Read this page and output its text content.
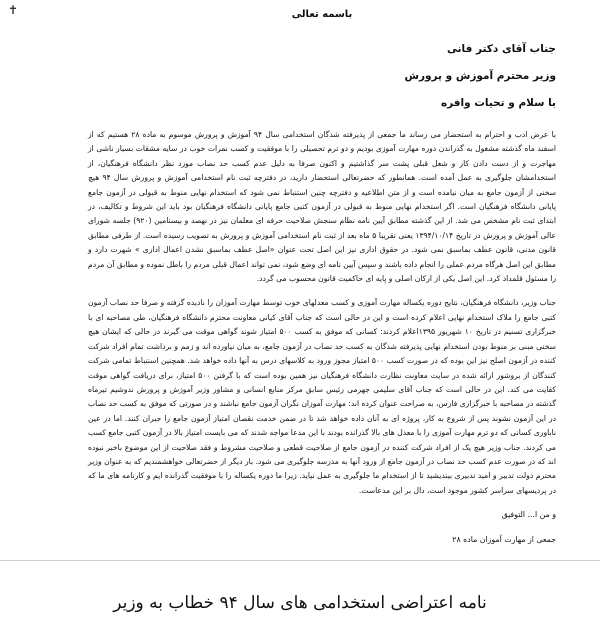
✝	باسمه تعالی

جناب آقای دکتر فانی

وزیر محترم آموزش و پرورش

با سلام و تحیات وافره

با عرض ادب و احترام به استحضار می رساند ما جمعی از پذیرفته شدگان استخدامی سال ۹۴ آموزش و پرورش موسوم به ماده ۲۸ هستیم که از اسفند ماه گذشته مشغول به گذراندن دوره مهارت آموزی بودیم و دو ترم تحصیلی را با موفقیت و کسب نمرات خوب در سایه مشقات بسیار ناشی از مهاجرت و از دست دادن کار و شغل قبلی پشت سر گذاشتیم و اکنون صرفا به دلیل عدم کسب حد نصاب مورد نظر دانشگاه فرهنگیان، از استخدامشان جلوگیری به عمل آمده است. همانطور که حضرتعالی استحضار دارید، در دفترچه ثبت نام استخدامی آموزش و پرورش سال ۹۴ هیچ سخنی از آزمون جامع به میان نیامده است و از متن اطلاعیه و دفترچه چنین استنباط نمی شود که استخدام نهایی منوط به قبولی در آزمون جامع پایانی دانشگاه فرهنگیان است. اگر استخدام نهایی منوط به قبولی در آزمون کتبی جامع پایانی دانشگاه فرهنگیان بود باید این شروط و تکالیف، در ابتدای ثبت نام مشخص می شد. از این گذشته مطابق آیین نامه نظام سنجش صلاحیت حرفه ای معلمان نیز در نهصد و بیستامین (۹۲۰) جلسه شورای عالی آموزش و پرورش در تاریخ ۱۳۹۴/۱۰/۱۴ یعنی تقریبا ۵ ماه بعد از ثبت نام استخدامی آموزش و پرورش به تصویب رسیده است. از طرفی مطابق قانون مدنی، قانون عطف بماسبق نمی شود. در حقوق اداری نیز این اصل تحت عنوان «اصل عطف بماسبق نشدن اعمال اداری » شهرت دارد و مطابق این اصل هرگاه مردم عملی را انجام داده باشند و سپس آیین نامه ای وضع شود، نمی تواند اعمال قبلی مردم را باطل نموده و مطابق آن مردم را مسئول قلمداد کرد. این اصل یکی از ارکان اصلی و پایه ای حاکمیت قانون محسوب می گردد.

جناب وزیر، دانشگاه فرهنگیان، نتایج دوره یکساله مهارت آموزی و کسب معدلهای خوب توسط مهارت آموزان را نادیده گرفته و صرفا حد نصاب آزمون کتبی جامع را ملاک استخدام نهایی اعلام کرده است و این در حالی است که جناب آقای کیانی معاونت محترم دانشگاه فرهنگیان، طی مصاحبه ای با خبرگزاری تسنیم در تاریخ ۱۰ شهریور ۱۳۹۵اعلام کردند: کسانی که موفق به کسب ۵۰۰ امتیاز شوند گواهی موقت می گیرند در حالی که ایشان هیچ سخنی مبنی بر منوط بودن استخدام نهایی پذیرفته شدگان به کسب حد نصاب در آزمون جامع، به میان نیاورده اند و زمم و برداشت تمام افراد شرکت کننده در آزمون اصلح نیز این بوده که در صورت کسب ۵۰۰ امتیاز مجوز ورود به کلاسهای درس به آنها داده خواهد شد. همچنین استنباط تمامی شرکت کنندگان از بروشور ارائه شده در سایت معاونت نظارت دانشگاه فرهنگیان نیز همین بوده است که با گرفتن ۵۰۰ امتیاز، برای دریافت گواهی موقت کفایت می کند. این در حالی است که جناب آقای سلیمی جهرمی رئیس سابق مرکز منابع انسانی و مشاور وزیر آموزش و پرورش ندوشیم تیرماه گذشته در مصاحبه با خبرگزاری فارس، به صراحت عنوان کرده اند: مهارت آموزان نگران آزمون جامع نباشند و در صورتی که موفق به کسب حد نصاب در این آزمون نشوند پس از شروع به کار، پروژه ای به آنان داده خواهد شد تا در ضمن خدمت نقصان امتیاز آزمون جامع را جبران کنند. اما در عین ناباوری کسانی که دو ترم مهارت آموزی را با معدل های بالا گذرانده بودند با این مدعا مواجه شدند که می بایست امتیاز بالا در آزمون کتبی جامع کسب می کردند. جناب وزیر هیچ یک از افراد شرکت کننده در آزمون جامع از صلاحیت قطعی و صلاحیت مشروط و فقد صلاحیت از این موضوع باخبر نبوده اند که در صورت عدم کسب حد نصاب در آزمون جامع از ورود آنها به مدرسه جلوگیری می شود. بار دیگر از حضرتعالی خواهشمندیم که به عنوان وزیر محترم دولت تدبیر و امید تدبیری بیندیشید تا از استخدام ما جلوگیری به عمل نیاید. زیرا ما دوره یکساله را با موفقیت گذرانده ایم و کارنامه های ما که در پردیسهای سراسر کشور موجود است، دال بر این مدعاست.

و من ا... التوفیق

جمعی از مهارت آموزان ماده ۲۸

نامه اعتراضی استخدامی های سال ۹۴ خطاب به وزیر
